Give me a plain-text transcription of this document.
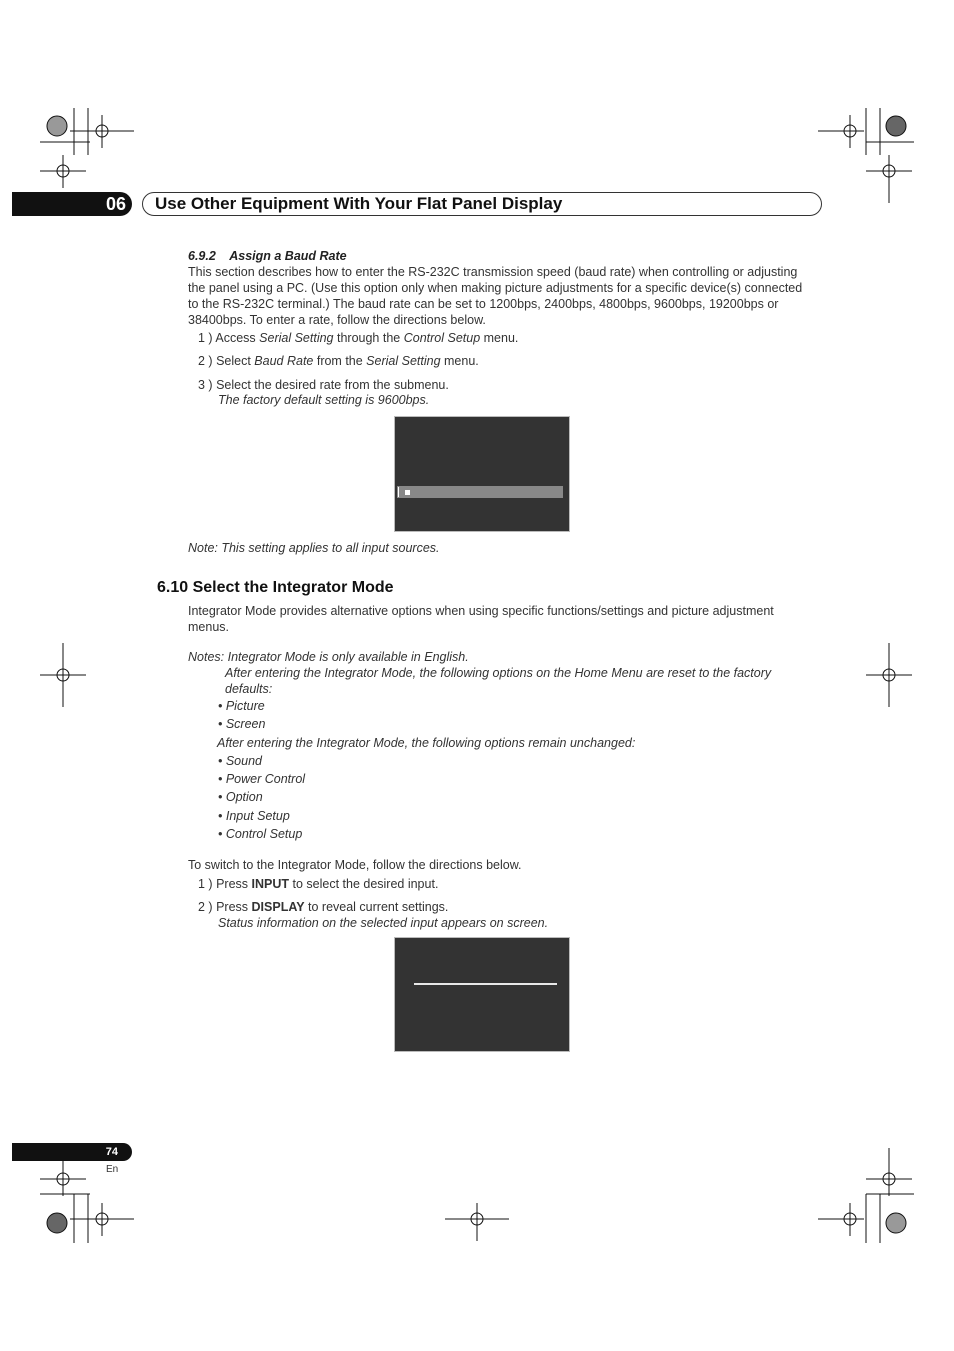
06 Use Other Equipment With Your Flat Panel Display
6.9.2    Assign a Baud Rate
This section describes how to enter the RS-232C transmission speed (baud rate) when controlling or adjusting
the panel using a PC. (Use this option only when making picture adjustments for a specific device(s) connected
to the RS-232C terminal.) The baud rate can be set to 1200bps, 2400bps, 4800bps, 9600bps, 19200bps or
38400bps. To enter a rate, follow the directions below.
1 ) Access Serial Setting through the Control Setup menu.
2 ) Select Baud Rate from the Serial Setting menu.
3 ) Select the desired rate from the submenu.
The factory default setting is 9600bps.
Note: This setting applies to all input sources.
6.10 Select the Integrator Mode
Integrator Mode provides alternative options when using specific functions/settings and picture adjustment
menus.
Notes: Integrator Mode is only available in English.
After entering the Integrator Mode, the following options on the Home Menu are reset to the factory
defaults:
• Picture
• Screen
After entering the Integrator Mode, the following options remain unchanged:
• Sound
• Power Control
• Option
• Input Setup
• Control Setup
To switch to the Integrator Mode, follow the directions below.
1 ) Press INPUT to select the desired input.
2 ) Press DISPLAY to reveal current settings.
Status information on the selected input appears on screen.
74
En
